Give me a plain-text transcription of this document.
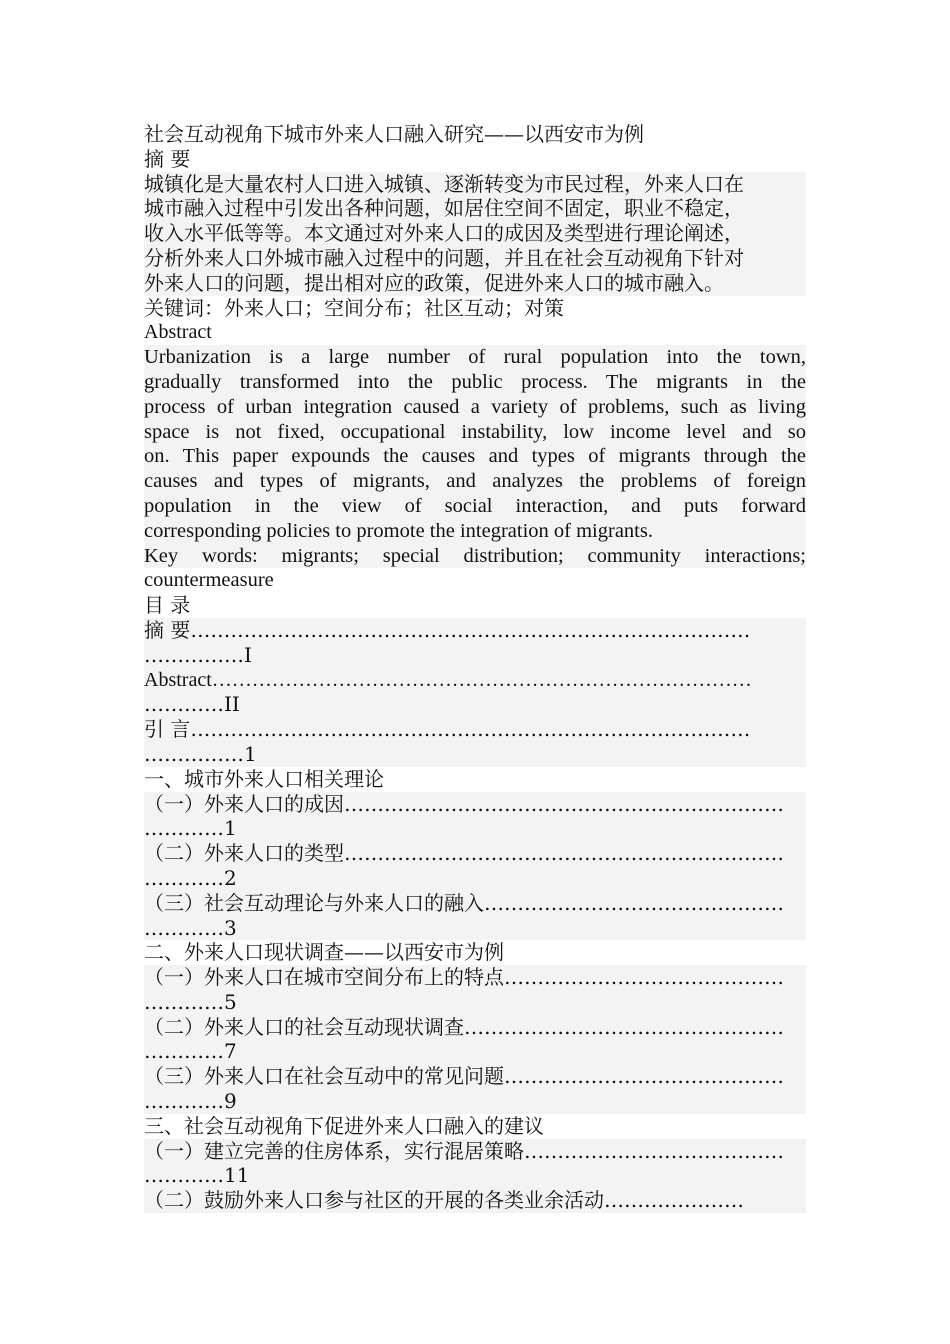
社会互动视角下城市外来人口融入研究——以西安市为例
摘 要
城镇化是大量农村人口进入城镇、逐渐转变为市民过程，外来人口在
城市融入过程中引发出各种问题，如居住空间不固定，职业不稳定，
收入水平低等等。本文通过对外来人口的成因及类型进行理论阐述，
分析外来人口外城市融入过程中的问题，并且在社会互动视角下针对
外来人口的问题，提出相对应的政策，促进外来人口的城市融入。
关键词：外来人口；空间分布；社区互动；对策
Abstract
Urbanization is a large number of rural population into the town,
gradually transformed into the public process. The migrants in the
process of urban integration caused a variety of problems, such as living
space is not fixed, occupational instability, low income level and so
on. This paper expounds the causes and types of migrants through the
causes and types of migrants, and analyzes the problems of foreign
population in the view of social interaction, and puts forward
corresponding policies to promote the integration of migrants.
Key words: migrants; special distribution; community interactions;
countermeasure
目 录
摘 要…………………………………………………………………………
……………I
Abstract………………………………………………………………………
…………II
引 言…………………………………………………………………………
……………1
一、城市外来人口相关理论
（一）外来人口的成因…………………………………………………………
…………1
（二）外来人口的类型…………………………………………………………
…………2
（三）社会互动理论与外来人口的融入………………………………………
…………3
二、外来人口现状调查——以西安市为例
（一）外来人口在城市空间分布上的特点……………………………………
…………5
（二）外来人口的社会互动现状调查…………………………………………
…………7
（三）外来人口在社会互动中的常见问题……………………………………
…………9
三、社会互动视角下促进外来人口融入的建议
（一）建立完善的住房体系，实行混居策略…………………………………
…………11
（二）鼓励外来人口参与社区的开展的各类业余活动…………………
